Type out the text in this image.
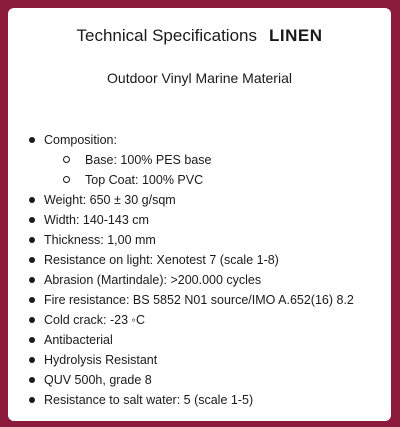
Technical Specifications LINEN
Outdoor Vinyl Marine Material
Composition:
Base: 100% PES base
Top Coat: 100% PVC
Weight: 650 ± 30 g/sqm
Width: 140-143 cm
Thickness: 1,00 mm
Resistance on light: Xenotest 7 (scale 1-8)
Abrasion (Martindale): >200.000 cycles
Fire resistance: BS 5852 N01 source/IMO A.652(16) 8.2
Cold crack: -23 ◦C
Antibacterial
Hydrolysis Resistant
QUV 500h, grade 8
Resistance to salt water: 5 (scale 1-5)
